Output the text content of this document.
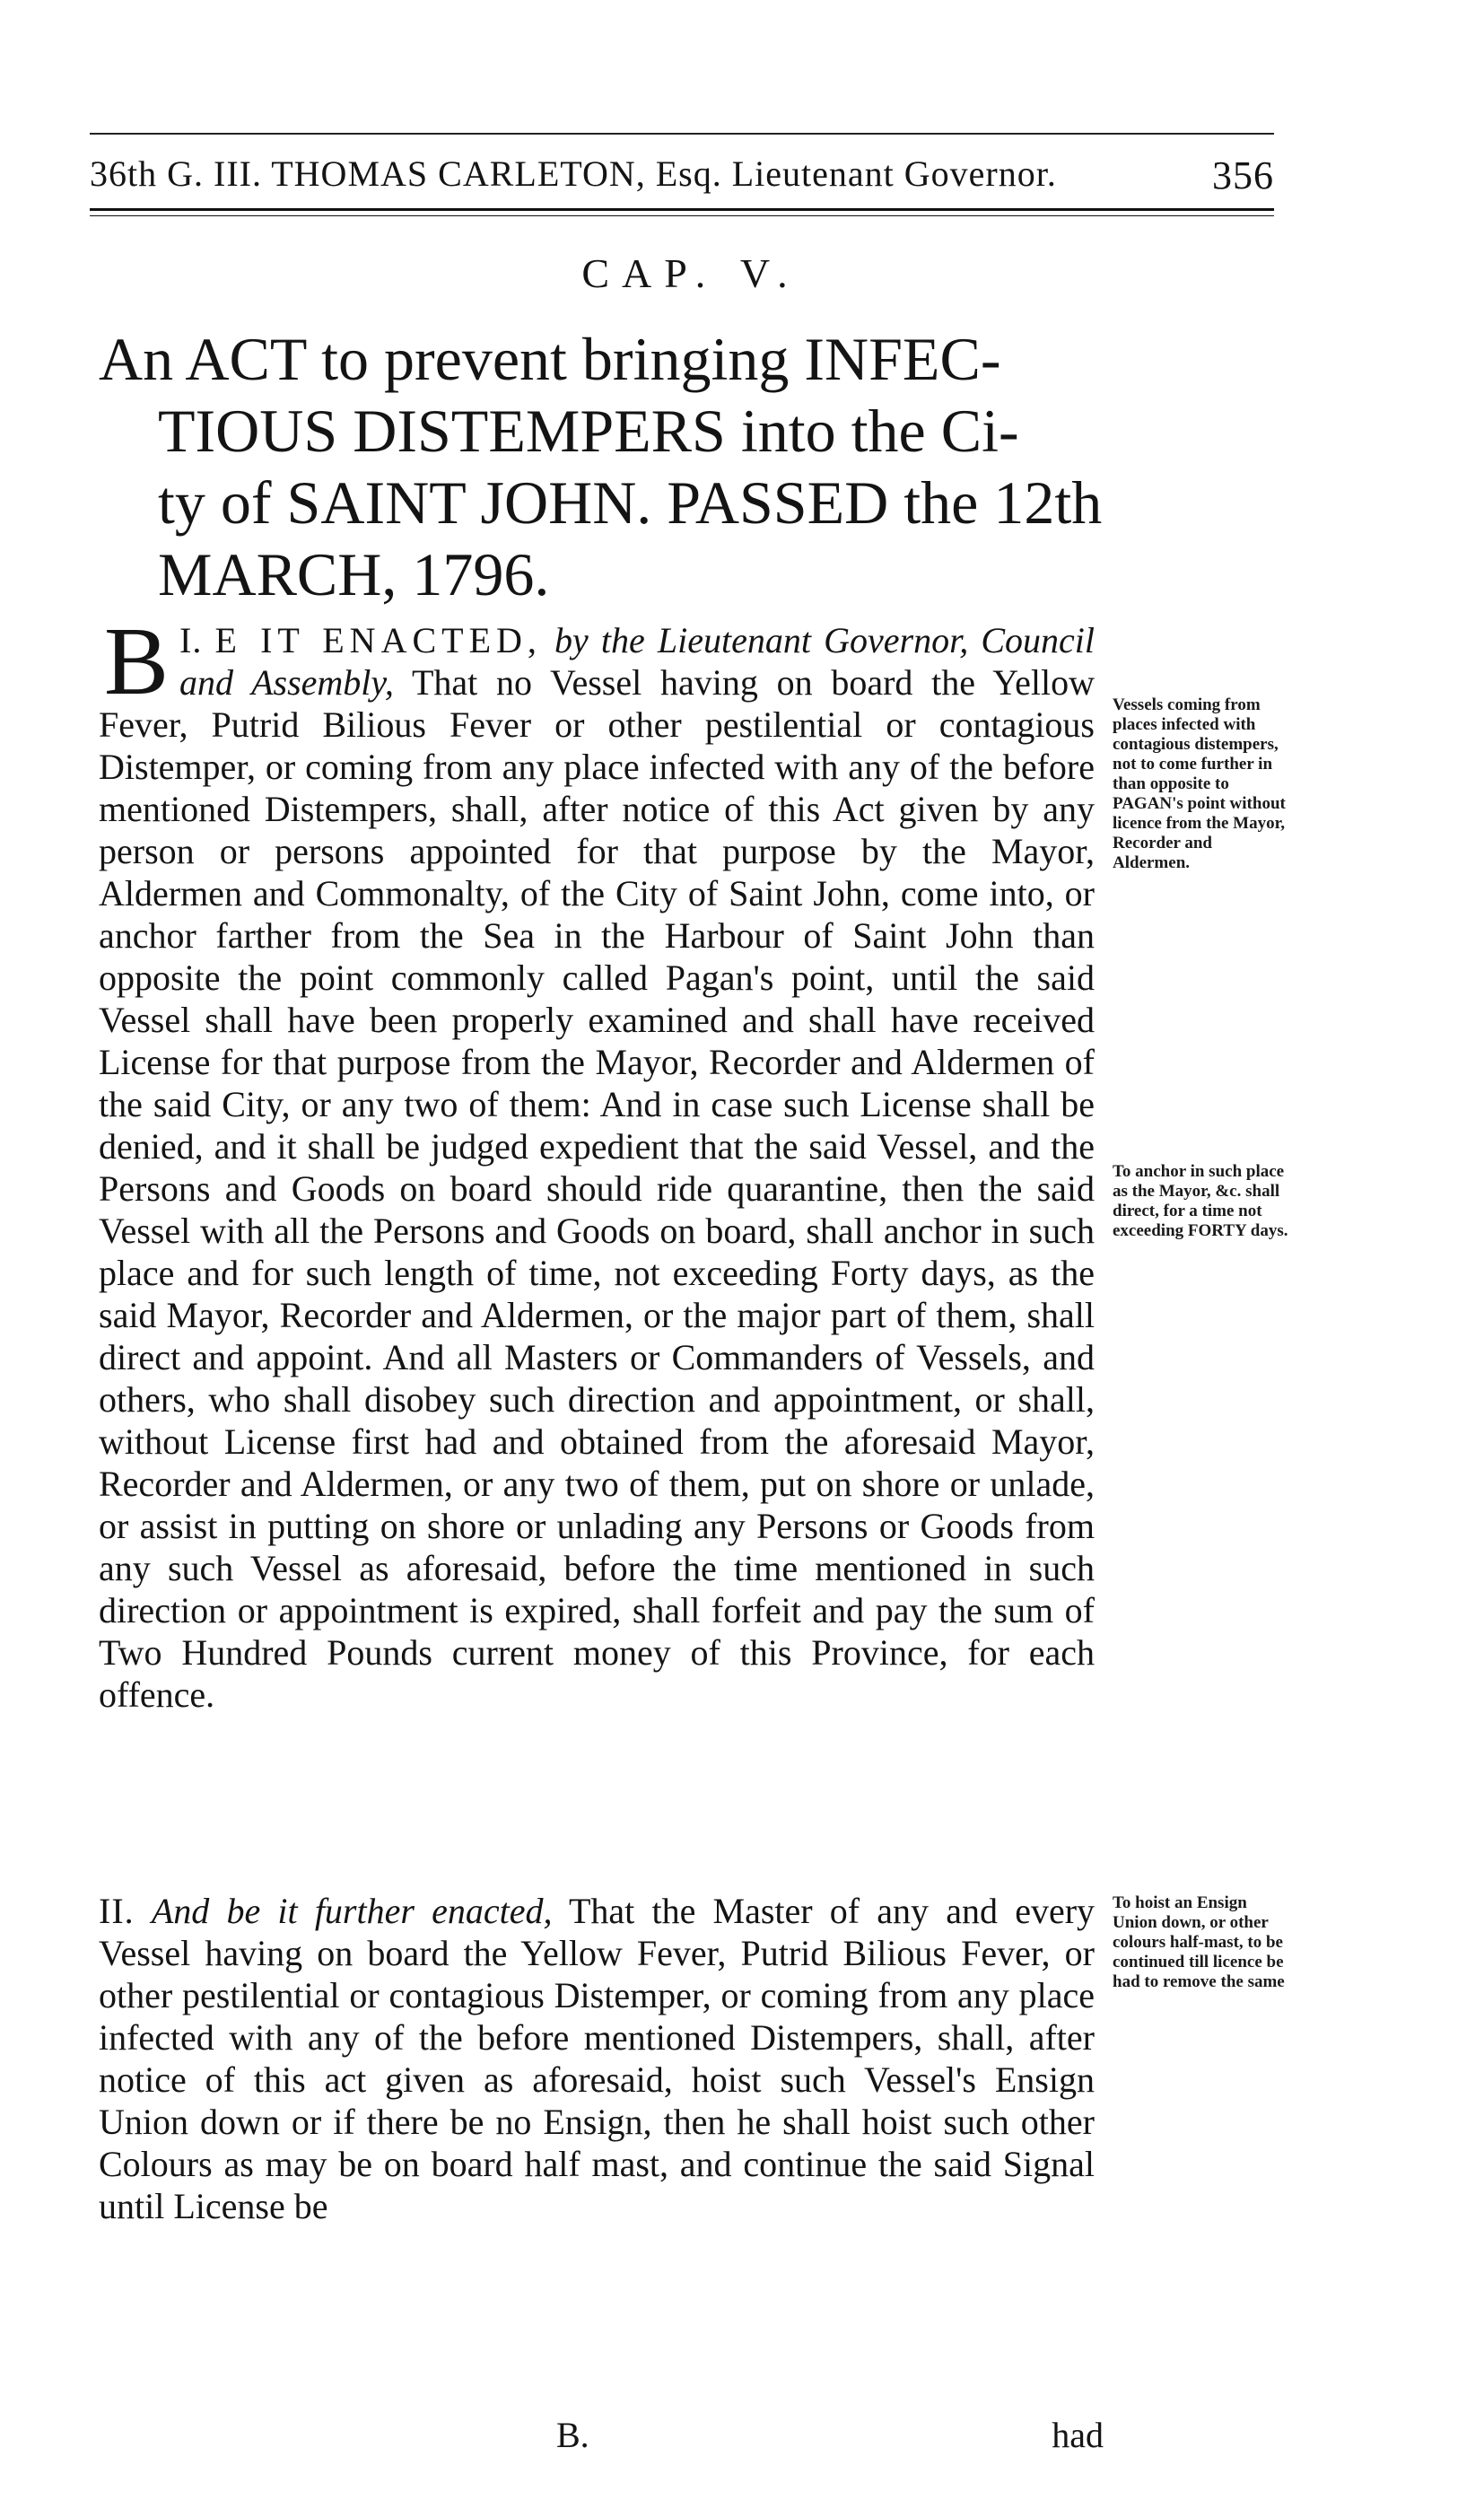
36th G. III. THOMAS CARLETON, Esq. Lieutenant Governor.	356
CAP. V.
An ACT to prevent bringing INFEC-
TIOUS DISTEMPERS into the Ci-
ty of SAINT JOHN. PASSED the 12th
MARCH, 1796.

B I. E IT ENACTED, by the Lieutenant Governor, Council and Assembly, That no Vessel having on board the Yellow Fever, Putrid Bilious Fever or other pestilential or contagious Distemper, or coming from any place infected with any of the before mentioned Distempers, shall, after notice of this Act given by any person or persons appointed for that purpose by the Mayor, Aldermen and Commonalty, of the City of Saint John, come into, or anchor farther from the Sea in the Harbour of Saint John than opposite the point commonly called Pagan's point, until the said Vessel shall have been properly examined and shall have received License for that purpose from the Mayor, Recorder and Aldermen of the said City, or any two of them: And in case such License shall be denied, and it shall be judged expedient that the said Vessel, and the Persons and Goods on board should ride quarantine, then the said Vessel with all the Persons and Goods on board, shall anchor in such place and for such length of time, not exceeding Forty days, as the said Mayor, Recorder and Aldermen, or the major part of them, shall direct and appoint. And all Masters or Commanders of Vessels, and others, who shall disobey such direction and appointment, or shall, without License first had and obtained from the aforesaid Mayor, Recorder and Aldermen, or any two of them, put on shore or unlade, or assist in putting on shore or unlading any Persons or Goods from any such Vessel as aforesaid, before the time mentioned in such direction or appointment is expired, shall forfeit and pay the sum of Two Hundred Pounds current money of this Province, for each offence.

II. And be it further enacted, That the Master of any and every Vessel having on board the Yellow Fever, Putrid Bilious Fever, or other pestilential or contagious Distemper, or coming from any place infected with any of the before mentioned Distempers, shall, after notice of this act given as aforesaid, hoist such Vessel's Ensign Union down or if there be no Ensign, then he shall hoist such other Colours as may be on board half mast, and continue the said Signal until License be

Vessels coming from places infected with contagious distempers, not to come further in than opposite to PAGAN's point without licence from the Mayor, Recorder and Aldermen.
To anchor in such place as the Mayor, &c. shall direct, for a time not exceeding FORTY days.
To hoist an Ensign Union down, or other colours half-mast, to be continued till licence be had to remove the same
B.	had
